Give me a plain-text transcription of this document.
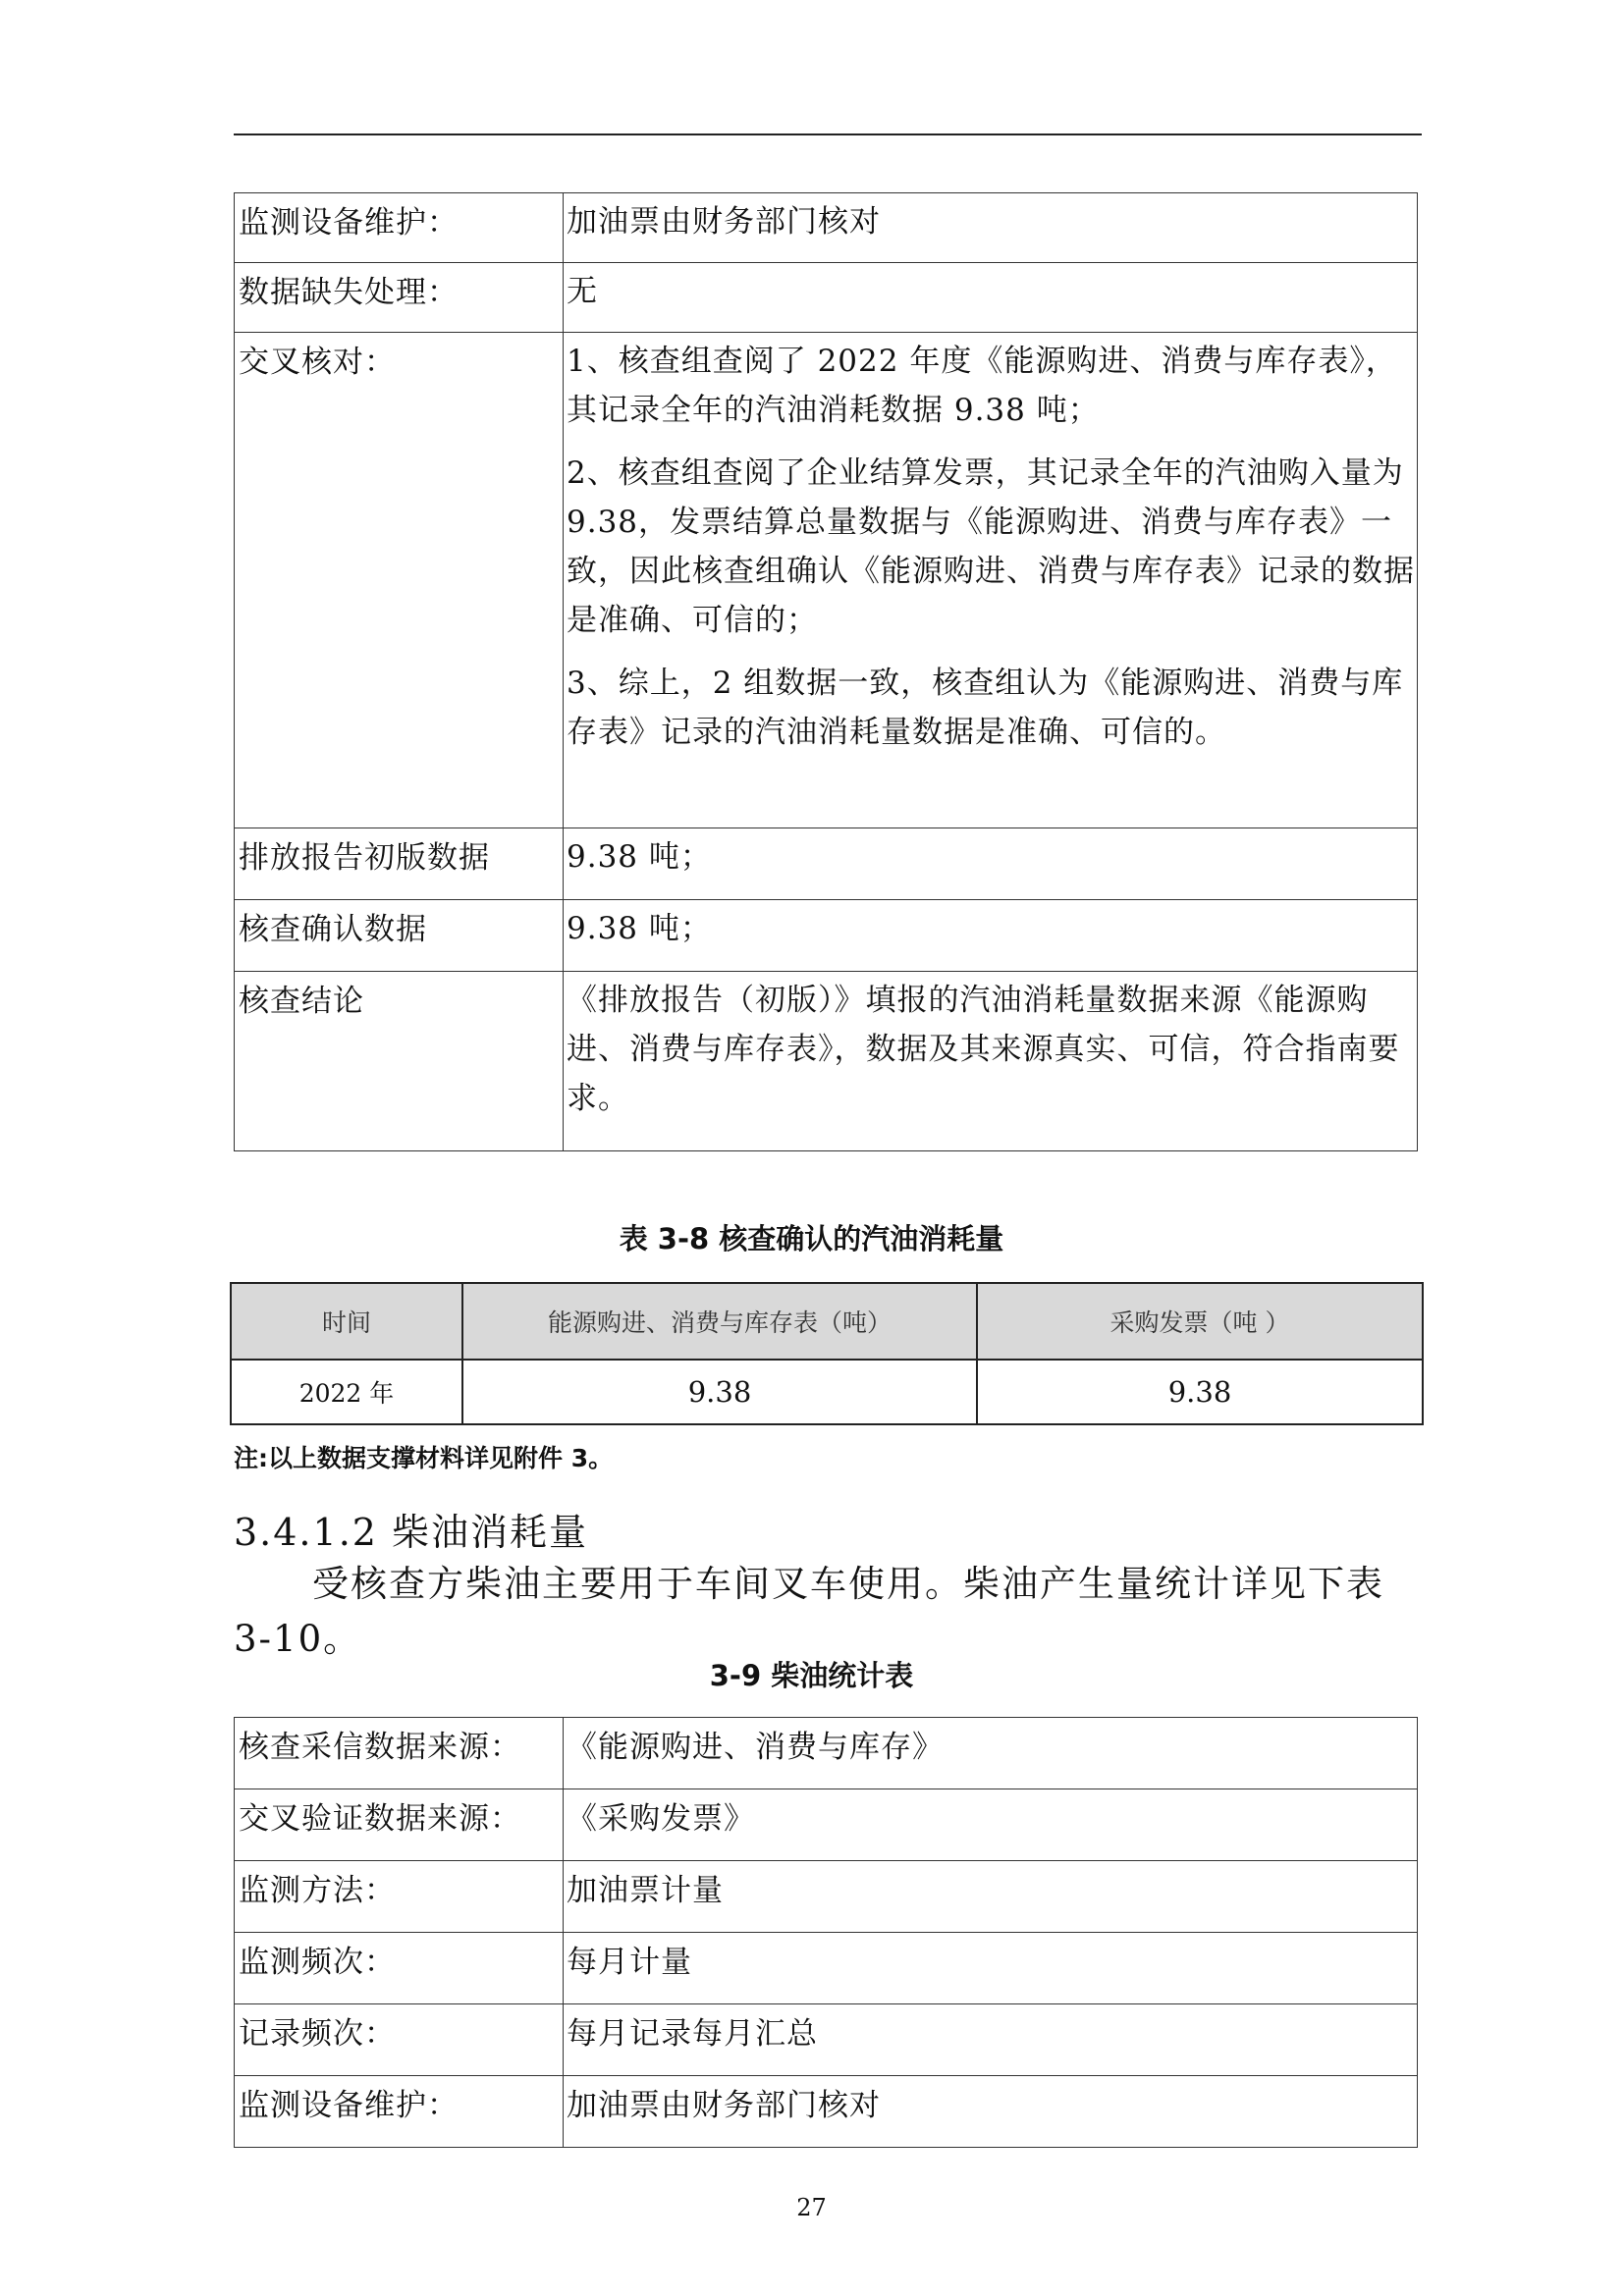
监测设备维护：	加油票由财务部门核对

数据缺失处理：	无

交叉核对：	1、核查组查阅了 2022 年度《能源购进、消费与库存表》，其记录全年的汽油消耗数据 9.38 吨；
2、核查组查阅了企业结算发票，其记录全年的汽油购入量为 9.38，发票结算总量数据与《能源购进、消费与库存表》一致，因此核查组确认《能源购进、消费与库存表》记录的数据是准确、可信的；
3、综上，2 组数据一致，核查组认为《能源购进、消费与库存表》记录的汽油消耗量数据是准确、可信的。

排放报告初版数据	9.38 吨；

核查确认数据	9.38 吨；

核查结论	《排放报告（初版）》填报的汽油消耗量数据来源《能源购进、消费与库存表》，数据及其来源真实、可信，符合指南要求。
表 3-8 核查确认的汽油消耗量
时间	能源购进、消费与库存表（吨）	采购发票（吨 ）
2022 年	9.38	9.38
注:以上数据支撑材料详见附件 3。
3.4.1.2 柴油消耗量
受核查方柴油主要用于车间叉车使用。柴油产生量统计详见下表 3-10。
3-9 柴油统计表
核查采信数据来源：	《能源购进、消费与库存》
交叉验证数据来源：	《采购发票》
监测方法：	加油票计量
监测频次：	每月计量
记录频次：	每月记录每月汇总
监测设备维护：	加油票由财务部门核对
27
